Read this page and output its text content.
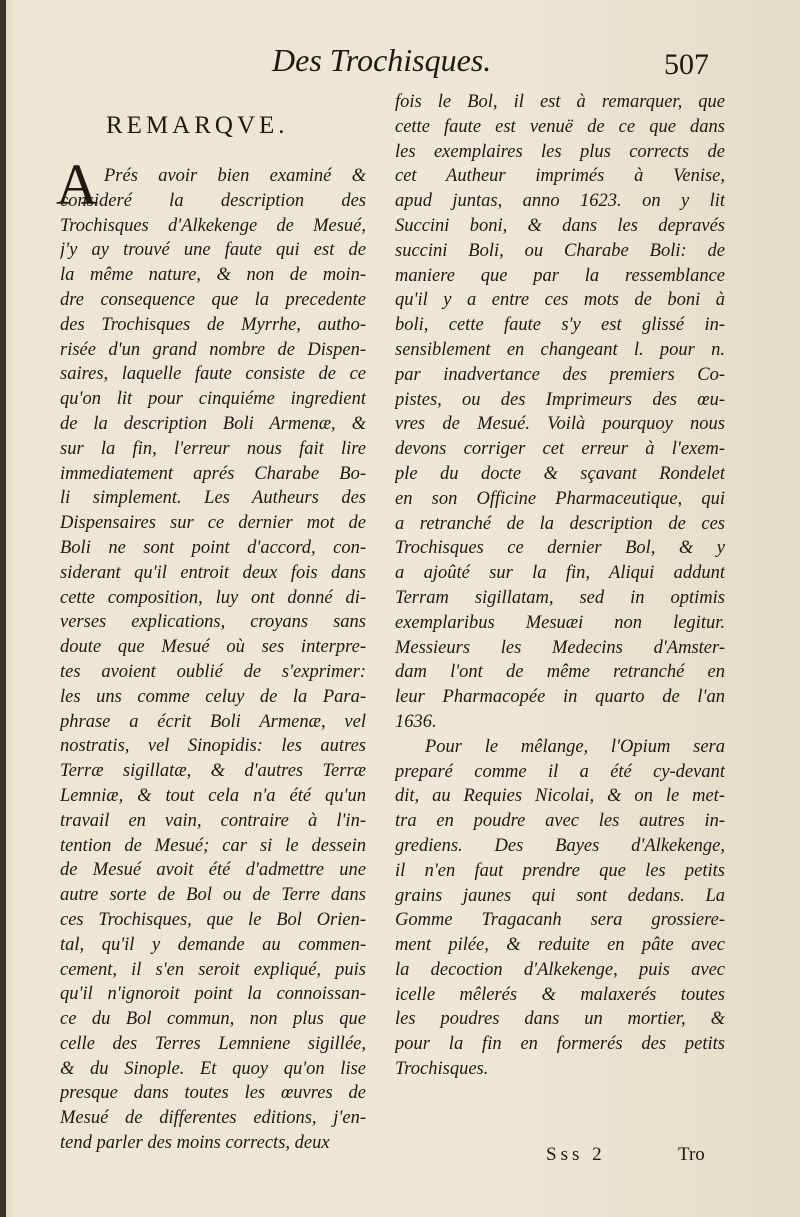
Des Trochisques.	507
REMARQVE.
A Prés avoir bien examiné &
consideré la description des
Trochisques d'Alkekenge de Mesué,
j'y ay trouvé une faute qui est de
la même nature, & non de moin-
dre consequence que la precedente
des Trochisques de Myrrhe, autho-
risée d'un grand nombre de Dispen-
saires, laquelle faute consiste de ce
qu'on lit pour cinquiéme ingredient
de la description Boli Armenæ, &
sur la fin, l'erreur nous fait lire
immediatement aprés Charabe Bo-
li simplement. Les Autheurs des
Dispensaires sur ce dernier mot de
Boli ne sont point d'accord, con-
siderant qu'il entroit deux fois dans
cette composition, luy ont donné di-
verses explications, croyans sans
doute que Mesué où ses interpre-
tes avoient oublié de s'exprimer:
les uns comme celuy de la Para-
phrase a écrit Boli Armenæ, vel
nostratis, vel Sinopidis: les autres
Terræ sigillatæ, & d'autres Terræ
Lemniæ, & tout cela n'a été qu'un
travail en vain, contraire à l'in-
tention de Mesué; car si le dessein
de Mesué avoit été d'admettre une
autre sorte de Bol ou de Terre dans
ces Trochisques, que le Bol Orien-
tal, qu'il y demande au commen-
cement, il s'en seroit expliqué, puis
qu'il n'ignoroit point la connoissan-
ce du Bol commun, non plus que
celle des Terres Lemniene sigillée,
& du Sinople. Et quoy qu'on lise
presque dans toutes les œuvres de
Mesué de differentes editions, j'en-
tend parler des moins corrects, deux
fois le Bol, il est à remarquer, que
cette faute est venuë de ce que dans
les exemplaires les plus corrects de
cet Autheur imprimés à Venise,
apud juntas, anno 1623. on y lit
Succini boni, & dans les depravés
succini Boli, ou Charabe Boli: de
maniere que par la ressemblance
qu'il y a entre ces mots de boni à
boli, cette faute s'y est glissé in-
sensiblement en changeant l. pour n.
par inadvertance des premiers Co-
pistes, ou des Imprimeurs des œu-
vres de Mesué. Voilà pourquoy nous
devons corriger cet erreur à l'exem-
ple du docte & sçavant Rondelet
en son Officine Pharmaceutique, qui
a retranché de la description de ces
Trochisques ce dernier Bol, & y
a ajoûté sur la fin, Aliqui addunt
Terram sigillatam, sed in optimis
exemplaribus Mesuæi non legitur.
Messieurs les Medecins d'Amster-
dam l'ont de même retranché en
leur Pharmacopée in quarto de l'an
1636.
Pour le mêlange, l'Opium sera
preparé comme il a été cy-devant
dit, au Requies Nicolai, & on le met-
tra en poudre avec les autres in-
grediens. Des Bayes d'Alkekenge,
il n'en faut prendre que les petits
grains jaunes qui sont dedans. La
Gomme Tragacanh sera grossiere-
ment pilée, & reduite en pâte avec
la decoction d'Alkekenge, puis avec
icelle mêlerés & malaxerés toutes
les poudres dans un mortier, &
pour la fin en formerés des petits
Trochisques.
Sss 2	Tro
